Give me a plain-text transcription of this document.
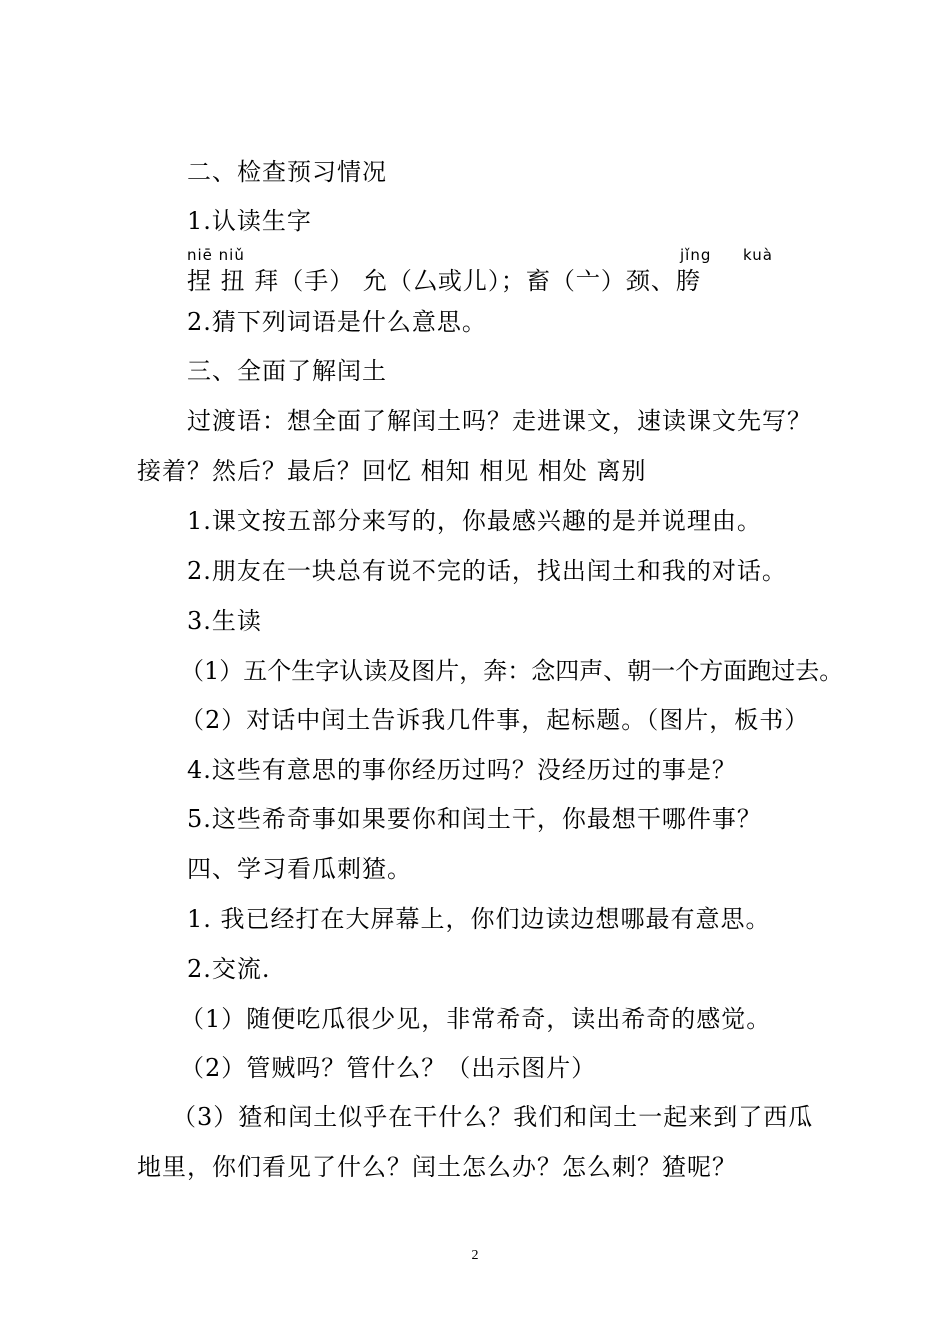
二、检查预习情况
1.认读生字
niē niǔ	jǐng kuà
捏 扭 拜（手） 允（厶或儿）；畜（亠）颈、胯
2.猜下列词语是什么意思。
三、全面了解闰土
过渡语：想全面了解闰土吗？走进课文，速读课文先写？
接着？然后？最后？回忆 相知 相见 相处 离别
1.课文按五部分来写的，你最感兴趣的是并说理由。
2.朋友在一块总有说不完的话，找出闰土和我的对话。
3.生读
（1）五个生字认读及图片，奔：念四声、朝一个方面跑过去。
（2）对话中闰土告诉我几件事，起标题。（图片，板书）
4.这些有意思的事你经历过吗？没经历过的事是？
5.这些希奇事如果要你和闰土干，你最想干哪件事？
四、学习看瓜刺猹。
1. 我已经打在大屏幕上，你们边读边想哪最有意思。
2.交流.
（1）随便吃瓜很少见，非常希奇，读出希奇的感觉。
（2）管贼吗？管什么？（出示图片）
（3）猹和闰土似乎在干什么？我们和闰土一起来到了西瓜
地里，你们看见了什么？闰土怎么办？怎么刺？猹呢？
2
